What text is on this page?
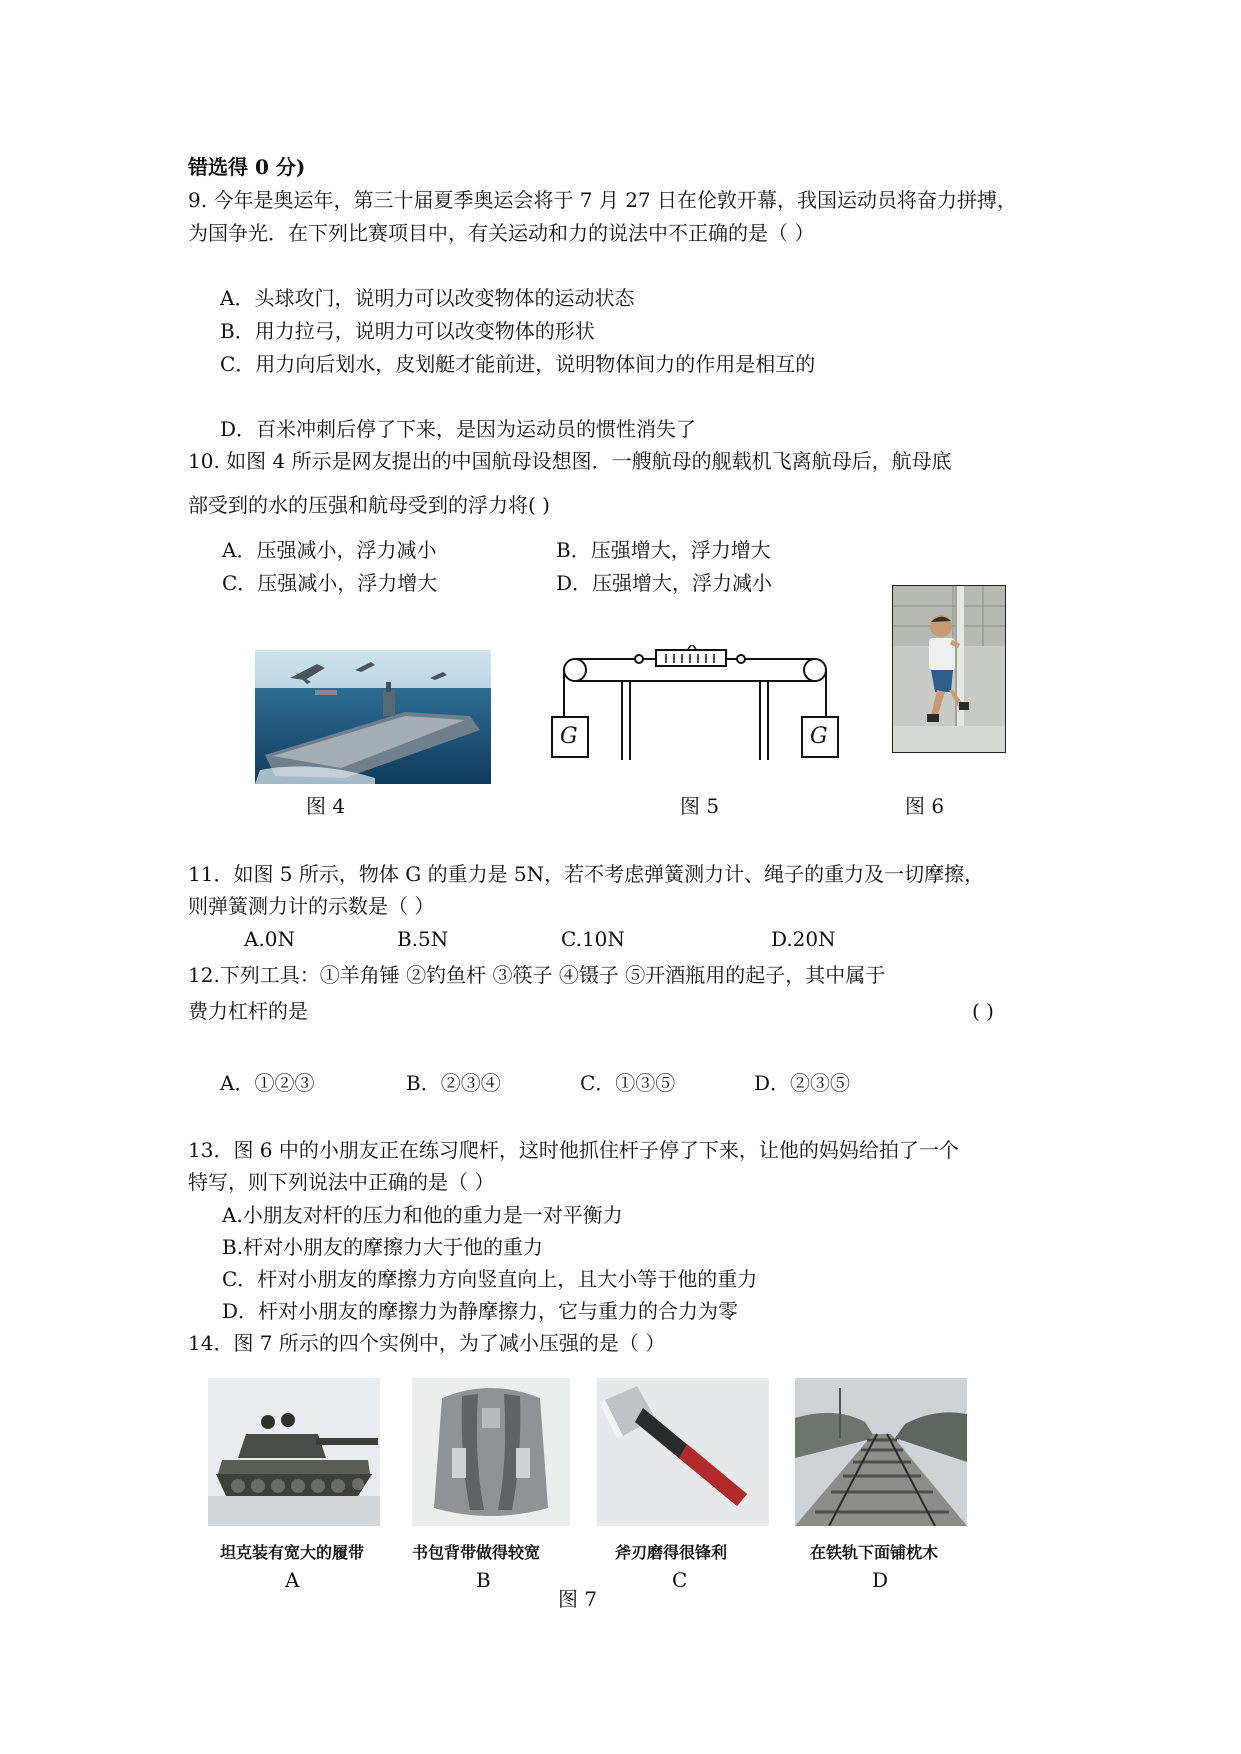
错选得 0 分)
9. 今年是奥运年，第三十届夏季奥运会将于 7 月 27 日在伦敦开幕，我国运动员将奋力拼搏，
为国争光．在下列比赛项目中，有关运动和力的说法中不正确的是（ ）
A．头球攻门，说明力可以改变物体的运动状态
B．用力拉弓，说明力可以改变物体的形状
C．用力向后划水，皮划艇才能前进，说明物体间力的作用是相互的
D．百米冲刺后停了下来，是因为运动员的惯性消失了
10. 如图 4 所示是网友提出的中国航母设想图．一艘航母的舰载机飞离航母后，航母底
部受到的水的压强和航母受到的浮力将( )
A．压强减小，浮力减小	B．压强增大，浮力增大
C．压强减小，浮力增大	D．压强增大，浮力减小
图 4
G	G
图 5	图 6
11．如图 5 所示，物体 G 的重力是 5N，若不考虑弹簧测力计、绳子的重力及一切摩擦，
则弹簧测力计的示数是（ ）
A.0N	B.5N	C.10N	D.20N
12.下列工具：①羊角锤 ②钓鱼杆 ③筷子 ④镊子 ⑤开酒瓶用的起子，其中属于
费力杠杆的是	( )
A．①②③	B．②③④	C．①③⑤	D．②③⑤
13．图 6 中的小朋友正在练习爬杆，这时他抓住杆子停了下来，让他的妈妈给拍了一个
特写，则下列说法中正确的是（ ）
A.小朋友对杆的压力和他的重力是一对平衡力
B.杆对小朋友的摩擦力大于他的重力
C．杆对小朋友的摩擦力方向竖直向上，且大小等于他的重力
D．杆对小朋友的摩擦力为静摩擦力，它与重力的合力为零
14．图 7 所示的四个实例中，为了减小压强的是（ ）
坦克装有宽大的履带	书包背带做得较宽	斧刃磨得很锋利	在铁轨下面铺枕木
A	B	C	D
图 7
